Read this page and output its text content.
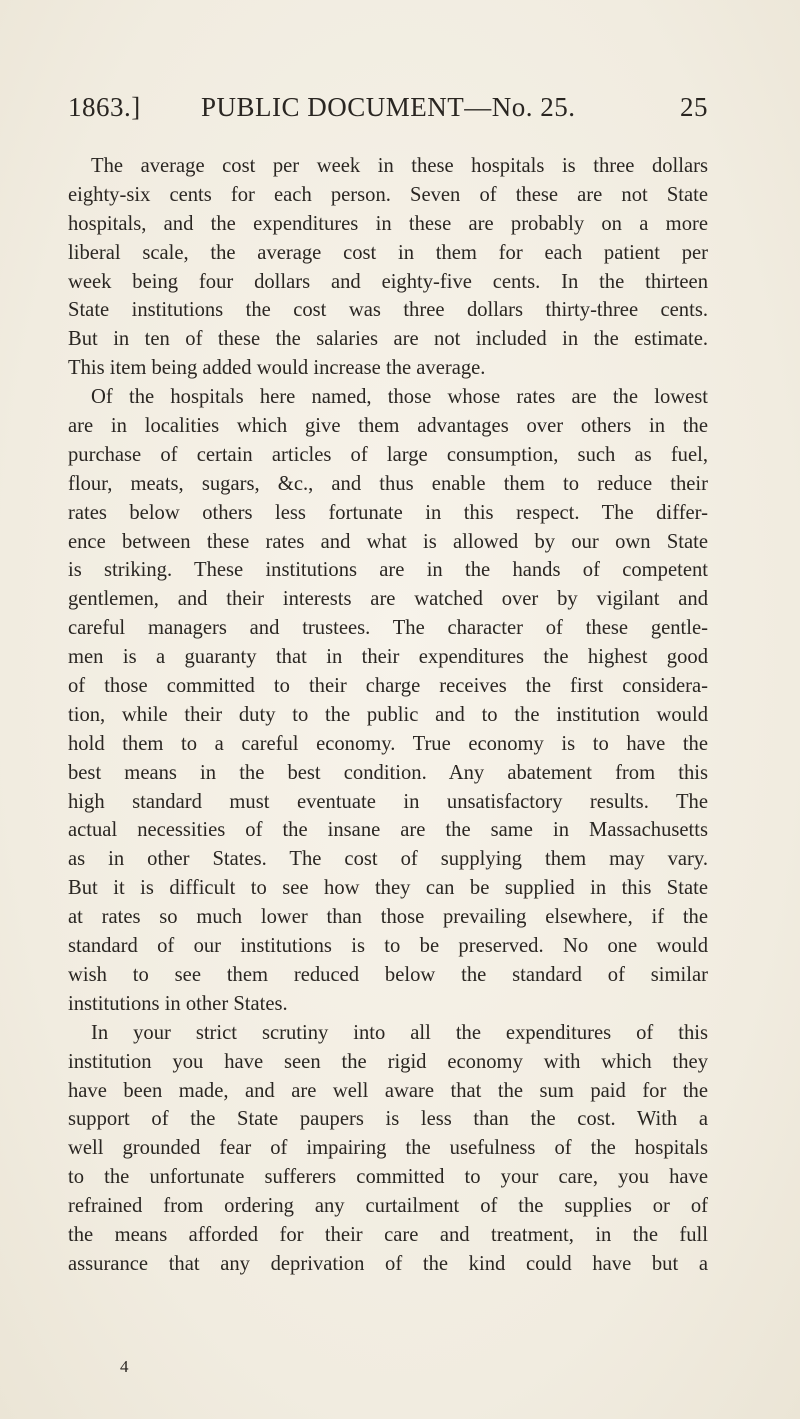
1863.] PUBLIC DOCUMENT—No. 25.	25
The average cost per week in these hospitals is three dollars
eighty-six cents for each person. Seven of these are not State
hospitals, and the expenditures in these are probably on a more
liberal scale, the average cost in them for each patient per
week being four dollars and eighty-five cents. In the thirteen
State institutions the cost was three dollars thirty-three cents.
But in ten of these the salaries are not included in the estimate.
This item being added would increase the average.
Of the hospitals here named, those whose rates are the lowest
are in localities which give them advantages over others in the
purchase of certain articles of large consumption, such as fuel,
flour, meats, sugars, &c., and thus enable them to reduce their
rates below others less fortunate in this respect. The differ-
ence between these rates and what is allowed by our own State
is striking. These institutions are in the hands of competent
gentlemen, and their interests are watched over by vigilant and
careful managers and trustees. The character of these gentle-
men is a guaranty that in their expenditures the highest good
of those committed to their charge receives the first considera-
tion, while their duty to the public and to the institution would
hold them to a careful economy. True economy is to have the
best means in the best condition. Any abatement from this
high standard must eventuate in unsatisfactory results. The
actual necessities of the insane are the same in Massachusetts
as in other States. The cost of supplying them may vary.
But it is difficult to see how they can be supplied in this State
at rates so much lower than those prevailing elsewhere, if the
standard of our institutions is to be preserved. No one would
wish to see them reduced below the standard of similar
institutions in other States.
In your strict scrutiny into all the expenditures of this
institution you have seen the rigid economy with which they
have been made, and are well aware that the sum paid for the
support of the State paupers is less than the cost. With a
well grounded fear of impairing the usefulness of the hospitals
to the unfortunate sufferers committed to your care, you have
refrained from ordering any curtailment of the supplies or of
the means afforded for their care and treatment, in the full
assurance that any deprivation of the kind could have but a
4
